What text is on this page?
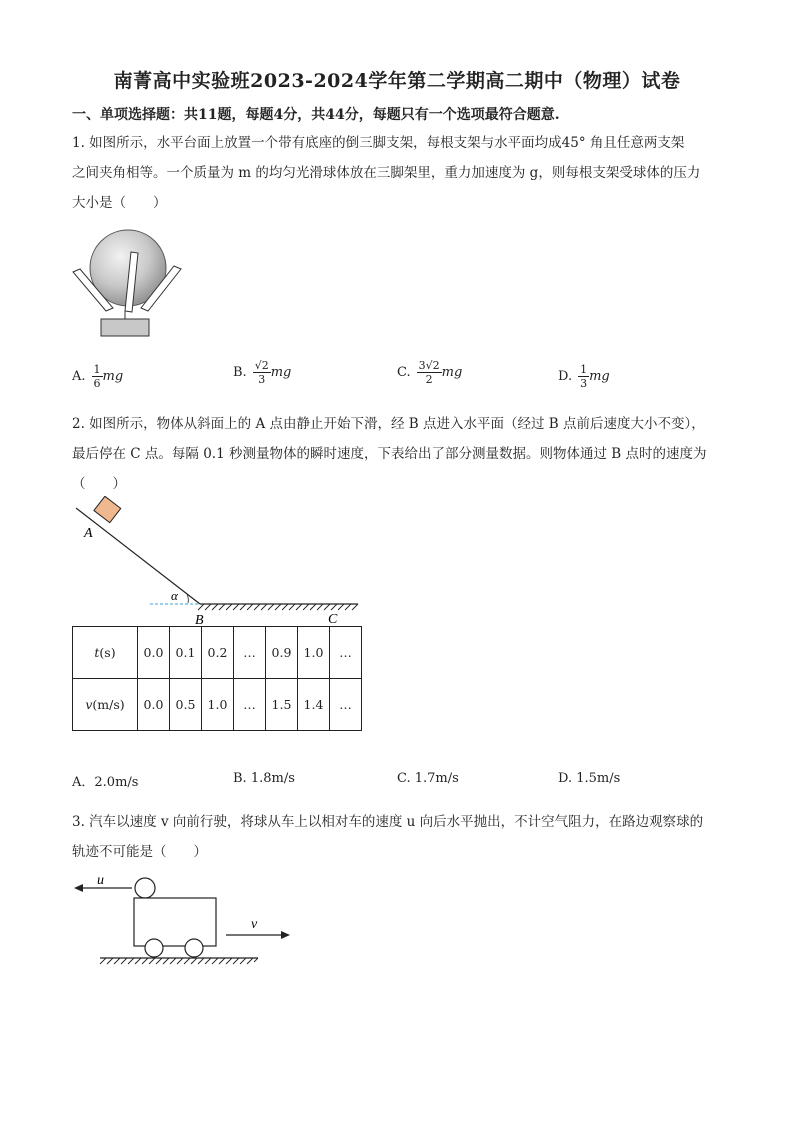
南菁高中实验班2023-2024学年第二学期高二期中（物理）试卷
一、单项选择题：共11题，每题4分，共44分，每题只有一个选项最符合题意.
1. 如图所示，水平台面上放置一个带有底座的倒三脚支架，每根支架与水平面均成45° 角且任意两支架
之间夹角相等。一个质量为 m 的均匀光滑球体放在三脚架里，重力加速度为 g，则每根支架受球体的压力
大小是（　　）
A. $\frac{1}{6}$ mg	B. $\frac{√2}{3}$ mg	C. $\frac{3√2}{2}$ mg	D. $\frac{1}{3}$ mg
2. 如图所示，物体从斜面上的 A 点由静止开始下滑，经 B 点进入水平面（经过 B 点前后速度大小不变），
最后停在 C 点。每隔 0.1 秒测量物体的瞬时速度，下表给出了部分测量数据。则物体通过 B 点时的速度为
（　　）
A
α
B	C
t(s)	0.0	0.1	0.2	…	0.9	1.0	…
v(m/s)	0.0	0.5	1.0	…	1.5	1.4	…
A．2.0m/s	B. 1.8m/s	C. 1.7m/s	D. 1.5m/s
3. 汽车以速度 v 向前行驶，将球从车上以相对车的速度 u 向后水平抛出，不计空气阻力，在路边观察球的
轨迹不可能是（　　）
u
v
